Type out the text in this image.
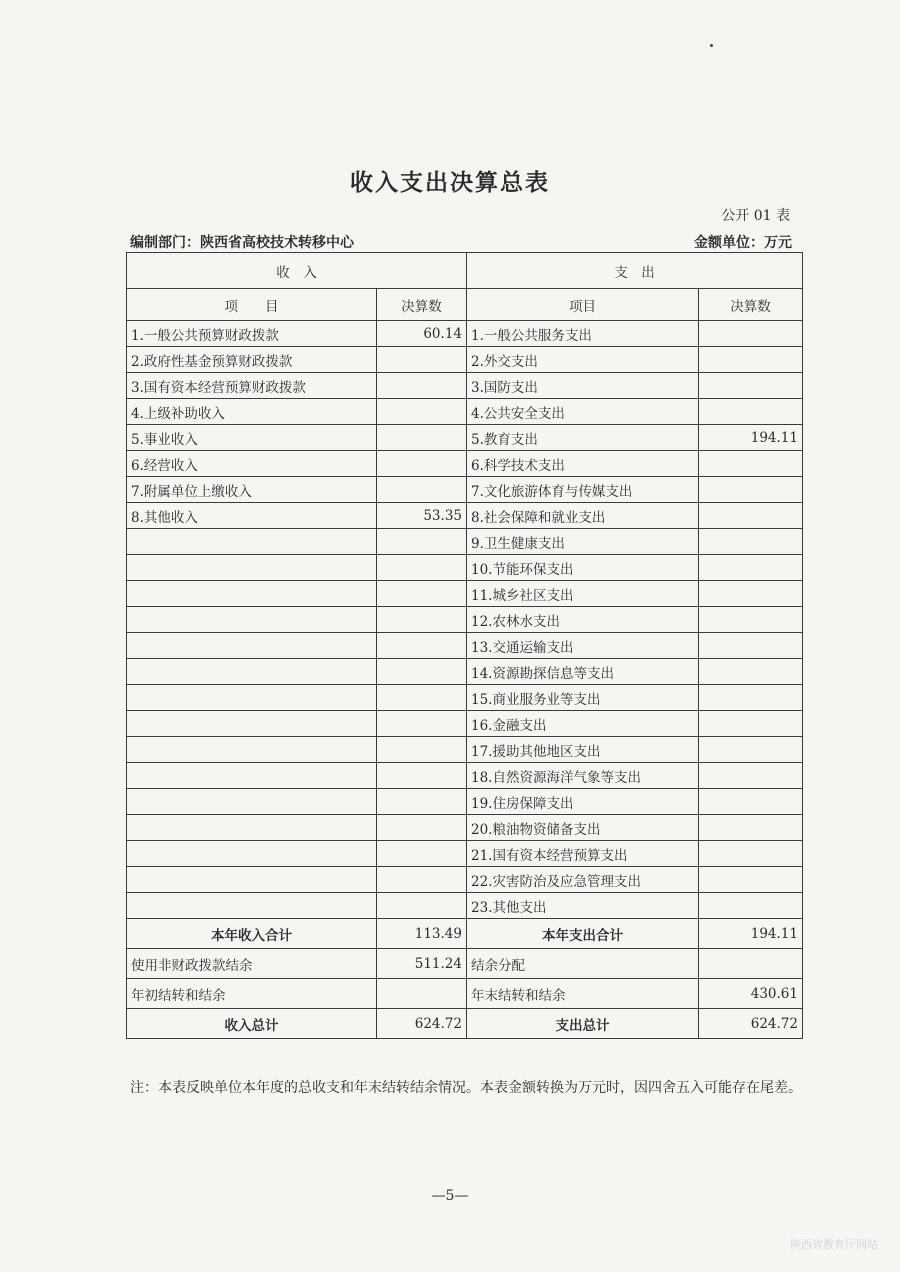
收入支出决算总表
公开 01 表
编制部门：陕西省高校技术转移中心	金额单位：万元
收　入		支　出	
项　　目	决算数	项目	决算数
1.一般公共预算财政拨款	60.14	1.一般公共服务支出	
2.政府性基金预算财政拨款		2.外交支出	
3.国有资本经营预算财政拨款		3.国防支出	
4.上级补助收入		4.公共安全支出	
5.事业收入		5.教育支出	194.11
6.经营收入		6.科学技术支出	
7.附属单位上缴收入		7.文化旅游体育与传媒支出	
8.其他收入	53.35	8.社会保障和就业支出	
		9.卫生健康支出	
		10.节能环保支出	
		11.城乡社区支出	
		12.农林水支出	
		13.交通运输支出	
		14.资源勘探信息等支出	
		15.商业服务业等支出	
		16.金融支出	
		17.援助其他地区支出	
		18.自然资源海洋气象等支出	
		19.住房保障支出	
		20.粮油物资储备支出	
		21.国有资本经营预算支出	
		22.灾害防治及应急管理支出	
		23.其他支出	
本年收入合计	113.49	本年支出合计	194.11
使用非财政拨款结余	511.24	结余分配	
年初结转和结余		年末结转和结余	430.61
收入总计	624.72	支出总计	624.72
注：本表反映单位本年度的总收支和年末结转结余情况。本表金额转换为万元时，因四舍五入可能存在尾差。
—5—
陕西省教育厅网站
